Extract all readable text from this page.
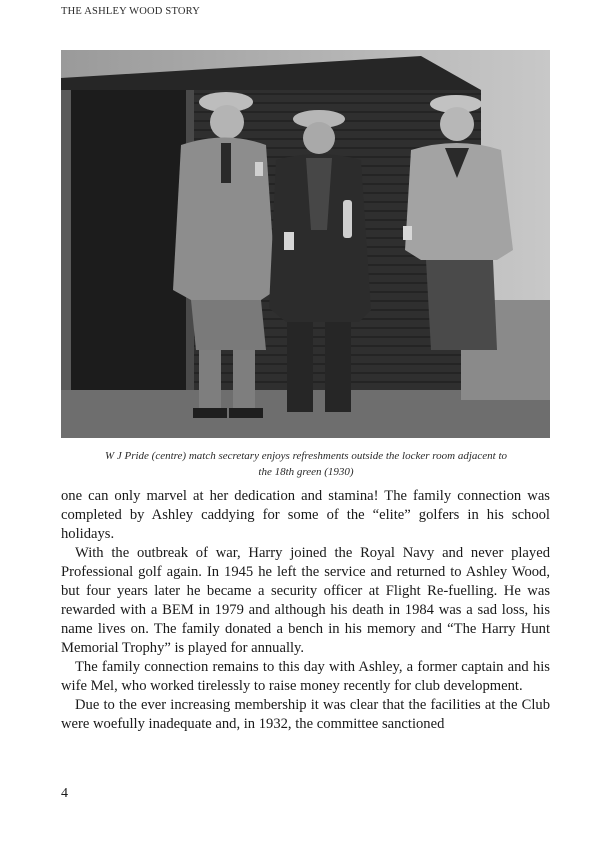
THE ASHLEY WOOD STORY
W J Pride (centre) match secretary enjoys refreshments outside the locker room adjacent to
the 18th green (1930)

one can only marvel at her dedication and stamina! The family connection was completed by Ashley caddying for some of the “elite” golfers in his school holidays.

With the outbreak of war, Harry joined the Royal Navy and never played Professional golf again. In 1945 he left the service and returned to Ashley Wood, but four years later he became a security officer at Flight Re-fuelling. He was rewarded with a BEM in 1979 and although his death in 1984 was a sad loss, his name lives on. The family donated a bench in his memory and “The Harry Hunt Memorial Trophy” is played for annually.

The family connection remains to this day with Ashley, a former captain and his wife Mel, who worked tirelessly to raise money recently for club development.

Due to the ever increasing membership it was clear that the facilities at the Club were woefully inadequate and, in 1932, the committee sanctioned

4
